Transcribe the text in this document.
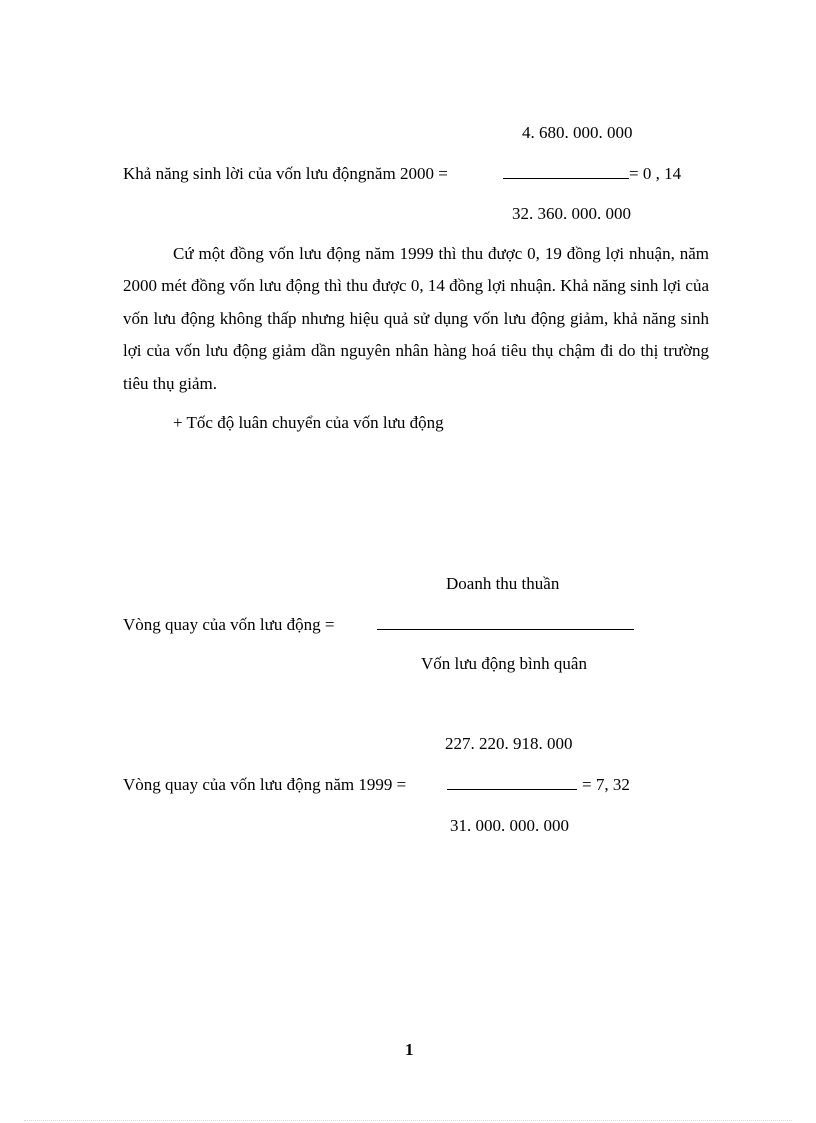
4. 680. 000. 000
Khả năng sinh lời của vốn lưu độngnăm 2000 =	= 0 , 14
32. 360. 000. 000

Cứ một đồng vốn lưu động năm 1999 thì thu được 0, 19 đồng lợi nhuận, năm 2000 mét đồng vốn lưu động thì thu được 0, 14 đồng lợi nhuận. Khả năng sinh lợi của vốn lưu động không thấp nhưng hiệu quả sử dụng vốn lưu động giảm, khả năng sinh lợi của vốn lưu động giảm dần nguyên nhân hàng hoá tiêu thụ chậm đi do thị trường tiêu thụ giảm.

+ Tốc độ luân chuyển của vốn lưu động
Doanh thu thuần
Vòng quay của vốn lưu động =
Vốn lưu động bình quân
227. 220. 918. 000
Vòng quay của vốn lưu động năm 1999 =	= 7, 32
31. 000. 000. 000
1
